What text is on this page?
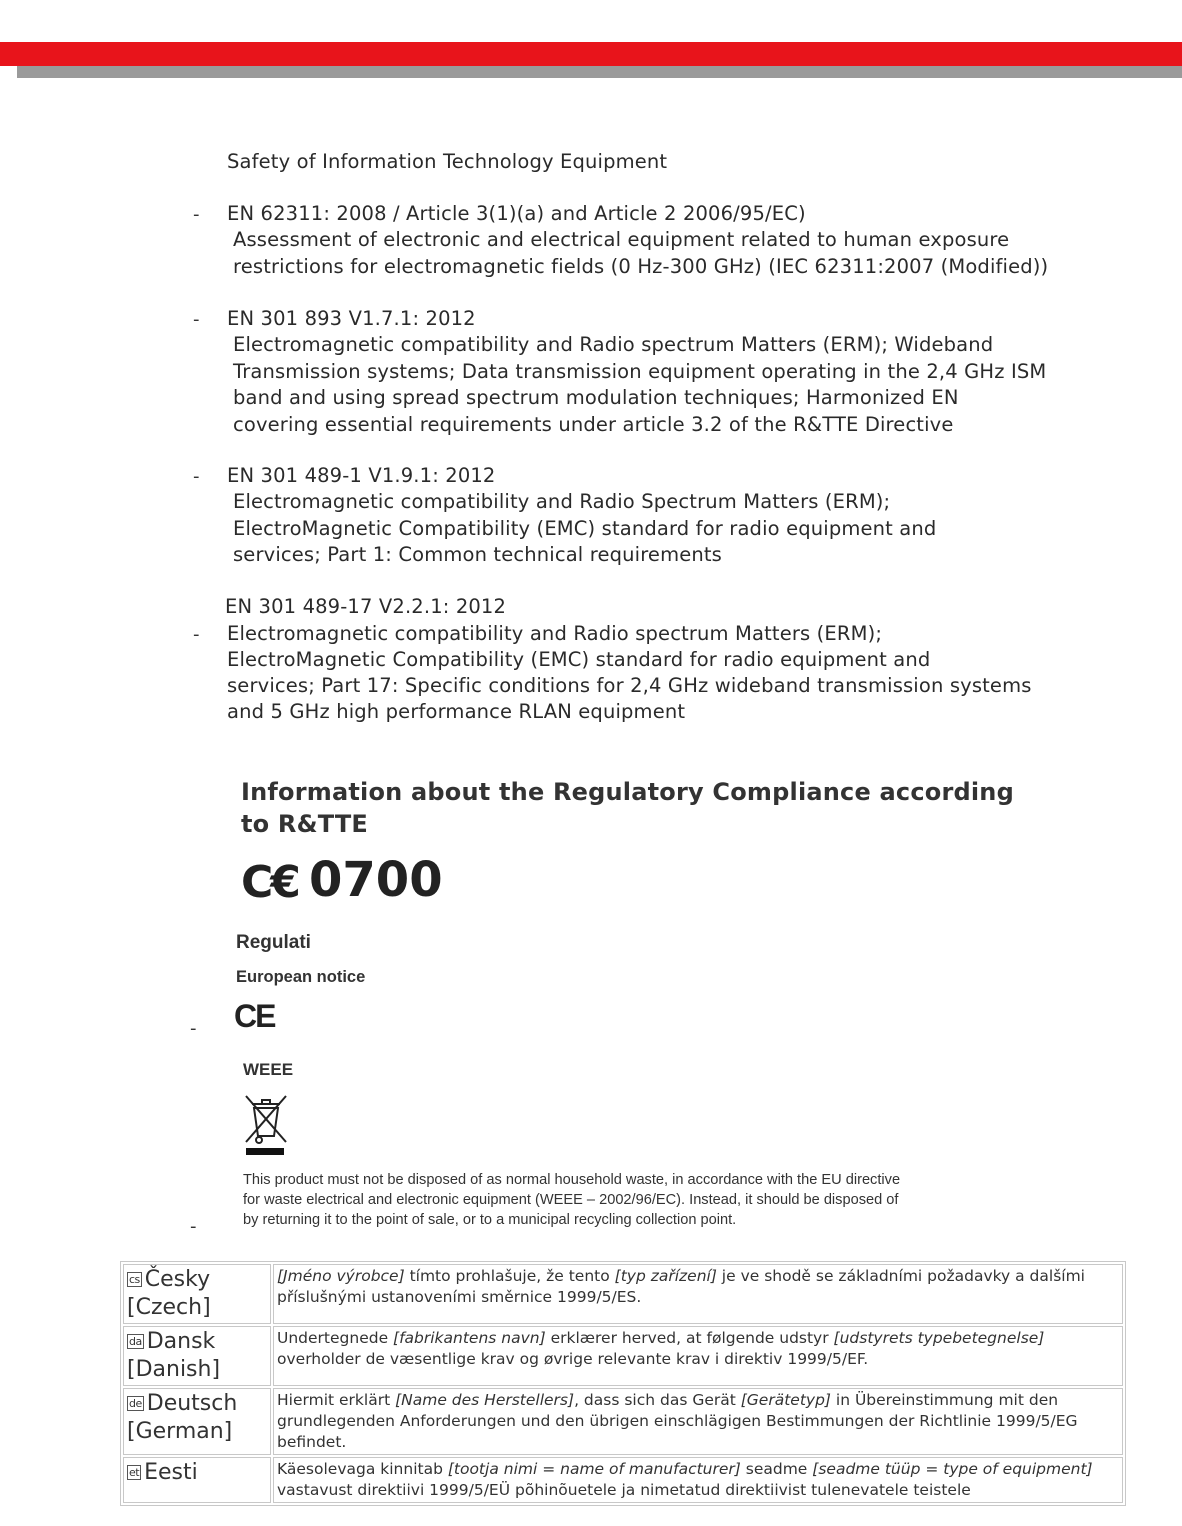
Safety of Information Technology Equipment
- EN 62311: 2008 / Article 3(1)(a) and Article 2 2006/95/EC)
Assessment of electronic and electrical equipment related to human exposure
restrictions for electromagnetic fields (0 Hz-300 GHz) (IEC 62311:2007 (Modified))
- EN 301 893 V1.7.1: 2012
Electromagnetic compatibility and Radio spectrum Matters (ERM); Wideband
Transmission systems; Data transmission equipment operating in the 2,4 GHz ISM
band and using spread spectrum modulation techniques; Harmonized EN
covering essential requirements under article 3.2 of the R&TTE Directive
- EN 301 489-1 V1.9.1: 2012
Electromagnetic compatibility and Radio Spectrum Matters (ERM);
ElectroMagnetic Compatibility (EMC) standard for radio equipment and
services; Part 1: Common technical requirements
EN 301 489-17 V2.2.1: 2012
- Electromagnetic compatibility and Radio spectrum Matters (ERM);
ElectroMagnetic Compatibility (EMC) standard for radio equipment and
services; Part 17: Specific conditions for 2,4 GHz wideband transmission systems
and 5 GHz high performance RLAN equipment
Information about the Regulatory Compliance according
to R&TTE
C€ 0700
Regulati
European notice
- CE
WEEE
This product must not be disposed of as normal household waste, in accordance with the EU directive
for waste electrical and electronic equipment (WEEE – 2002/96/EC). Instead, it should be disposed of
by returning it to the point of sale, or to a municipal recycling collection point.
-
cs Česky
[Czech]	[Jméno výrobce] tímto prohlašuje, že tento [typ zařízení] je ve shodě se základními požadavky a dalšími příslušnými ustanoveními směrnice 1999/5/ES.
da Dansk
[Danish]	Undertegnede [fabrikantens navn] erklærer herved, at følgende udstyr [udstyrets typebetegnelse] overholder de væsentlige krav og øvrige relevante krav i direktiv 1999/5/EF.
de Deutsch
[German]	Hiermit erklärt [Name des Herstellers], dass sich das Gerät [Gerätetyp] in Übereinstimmung mit den grundlegenden Anforderungen und den übrigen einschlägigen Bestimmungen der Richtlinie 1999/5/EG befindet.
et Eesti	Käesolevaga kinnitab [tootja nimi = name of manufacturer] seadme [seadme tüüp = type of equipment] vastavust direktiivi 1999/5/EÜ põhinõuetele ja nimetatud direktiivist tulenevatele teistele
